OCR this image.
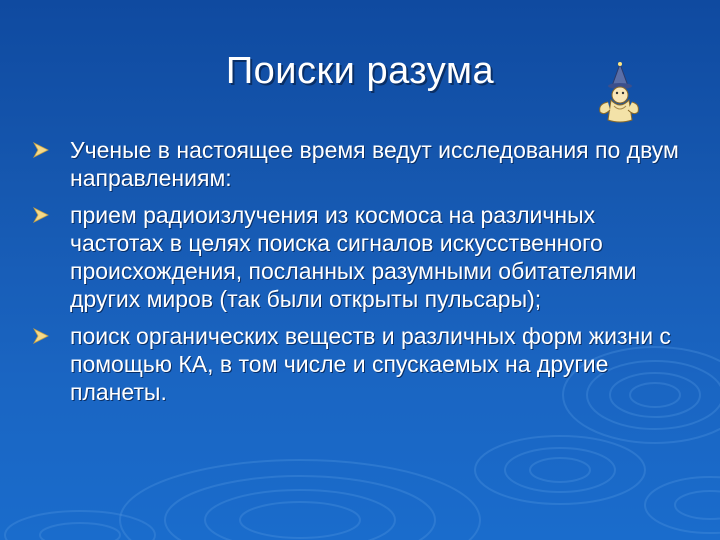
Поиски разума
Ученые в настоящее время ведут исследования по двум направлениям:
прием радиоизлучения из космоса на различных частотах в целях поиска сигналов искусственного происхождения, посланных разумными обитателями других миров (так были открыты пульсары);
поиск органических веществ и различных форм жизни с помощью КА, в том числе и спускаемых на другие планеты.
